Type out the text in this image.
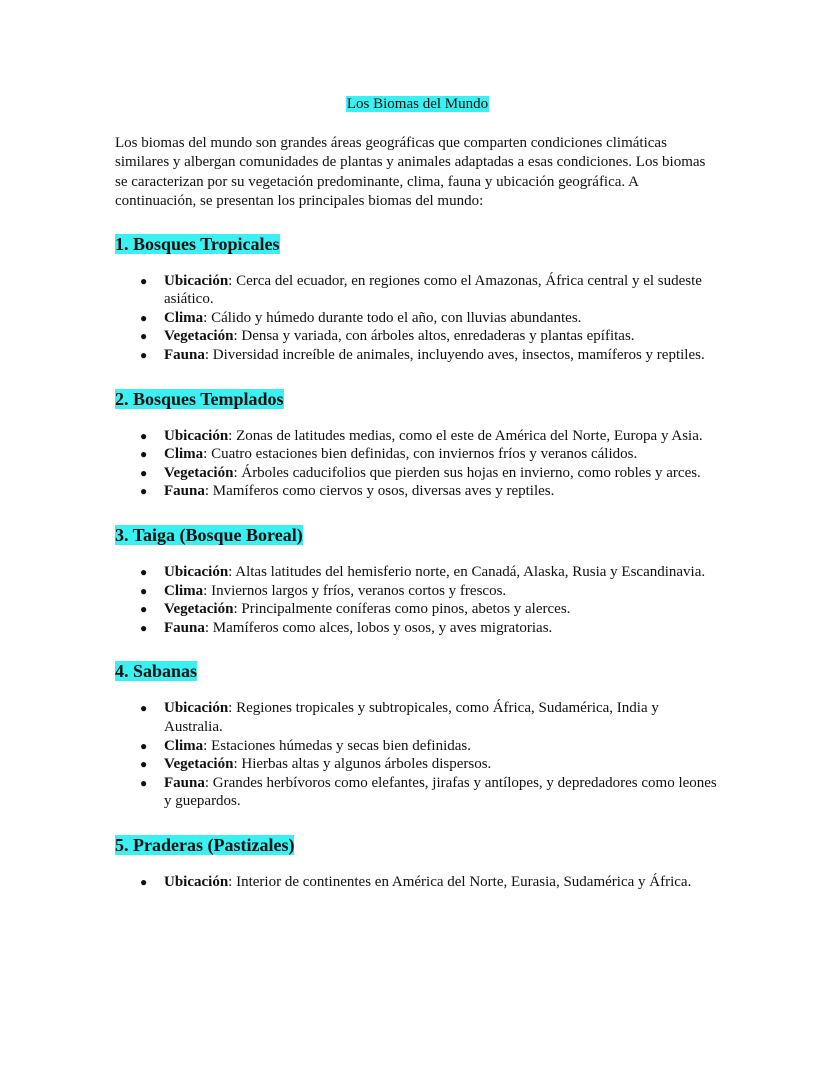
Los Biomas del Mundo

Los biomas del mundo son grandes áreas geográficas que comparten condiciones climáticas similares y albergan comunidades de plantas y animales adaptadas a esas condiciones. Los biomas se caracterizan por su vegetación predominante, clima, fauna y ubicación geográfica. A continuación, se presentan los principales biomas del mundo:

1. Bosques Tropicales
● Ubicación: Cerca del ecuador, en regiones como el Amazonas, África central y el sudeste asiático.
● Clima: Cálido y húmedo durante todo el año, con lluvias abundantes.
● Vegetación: Densa y variada, con árboles altos, enredaderas y plantas epífitas.
● Fauna: Diversidad increíble de animales, incluyendo aves, insectos, mamíferos y reptiles.
2. Bosques Templados
● Ubicación: Zonas de latitudes medias, como el este de América del Norte, Europa y Asia.
● Clima: Cuatro estaciones bien definidas, con inviernos fríos y veranos cálidos.
● Vegetación: Árboles caducifolios que pierden sus hojas en invierno, como robles y arces.
● Fauna: Mamíferos como ciervos y osos, diversas aves y reptiles.
3. Taiga (Bosque Boreal)
● Ubicación: Altas latitudes del hemisferio norte, en Canadá, Alaska, Rusia y Escandinavia.
● Clima: Inviernos largos y fríos, veranos cortos y frescos.
● Vegetación: Principalmente coníferas como pinos, abetos y alerces.
● Fauna: Mamíferos como alces, lobos y osos, y aves migratorias.
4. Sabanas
● Ubicación: Regiones tropicales y subtropicales, como África, Sudamérica, India y Australia.
● Clima: Estaciones húmedas y secas bien definidas.
● Vegetación: Hierbas altas y algunos árboles dispersos.
● Fauna: Grandes herbívoros como elefantes, jirafas y antílopes, y depredadores como leones y guepardos.
5. Praderas (Pastizales)
● Ubicación: Interior de continentes en América del Norte, Eurasia, Sudamérica y África.
